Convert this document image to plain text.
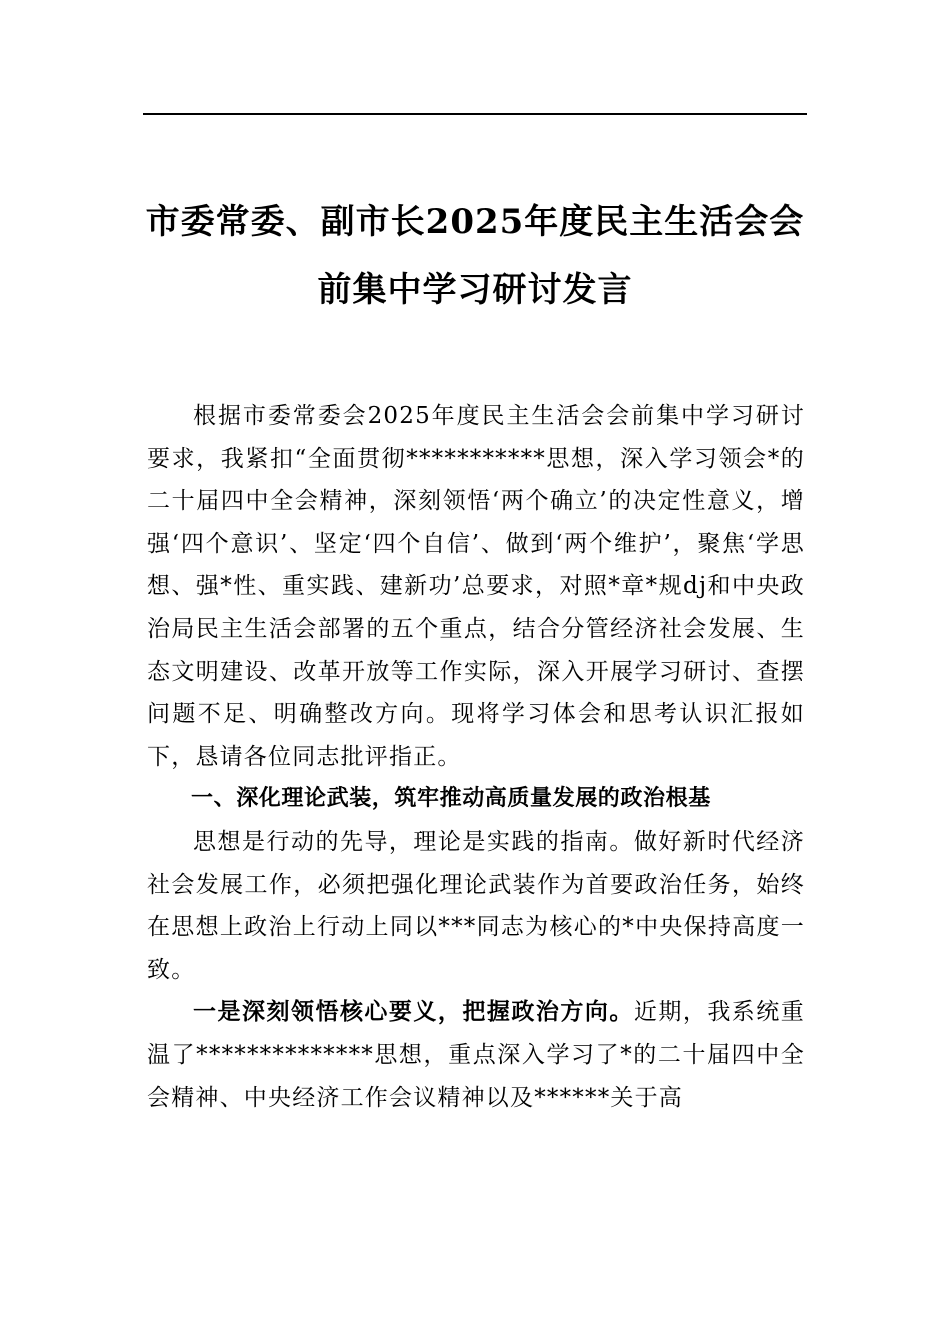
市委常委、副市长2025年度民主生活会会
前集中学习研讨发言

根据市委常委会2025年度民主生活会会前集中学习研讨要求，我紧扣“全面贯彻***********思想，深入学习领会*的二十届四中全会精神，深刻领悟‘两个确立’的决定性意义，增强‘四个意识’、坚定‘四个自信’、做到‘两个维护’，聚焦‘学思想、强*性、重实践、建新功’总要求，对照*章*规dj和中央政治局民主生活会部署的五个重点，结合分管经济社会发展、生态文明建设、改革开放等工作实际，深入开展学习研讨、查摆问题不足、明确整改方向。现将学习体会和思考认识汇报如下，恳请各位同志批评指正。

一、深化理论武装，筑牢推动高质量发展的政治根基

思想是行动的先导，理论是实践的指南。做好新时代经济社会发展工作，必须把强化理论武装作为首要政治任务，始终在思想上政治上行动上同以***同志为核心的*中央保持高度一致。

一是深刻领悟核心要义，把握政治方向。近期，我系统重温了**************思想，重点深入学习了*的二十届四中全会精神、中央经济工作会议精神以及******关于高
